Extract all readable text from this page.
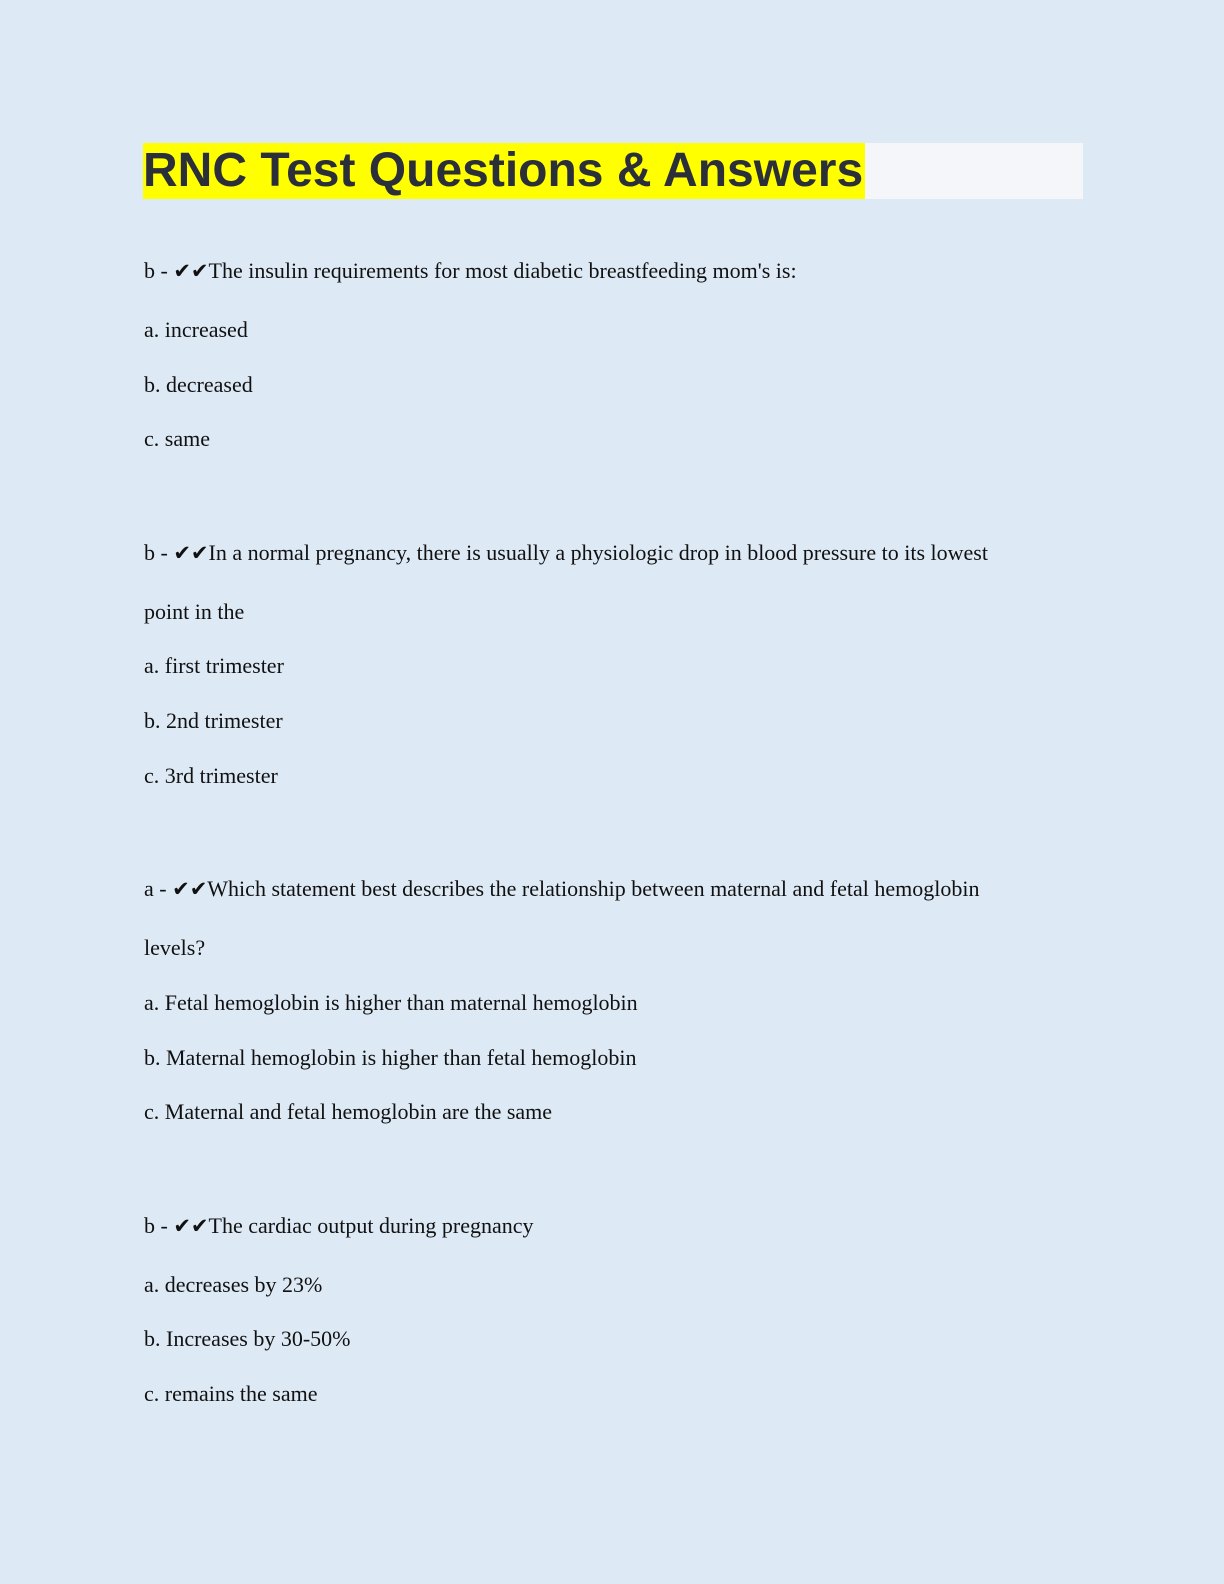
RNC Test Questions & Answers
b - ✔✔The insulin requirements for most diabetic breastfeeding mom's is:
a. increased
b. decreased
c. same
b - ✔✔In a normal pregnancy, there is usually a physiologic drop in blood pressure to its lowest
point in the
a. first trimester
b. 2nd trimester
c. 3rd trimester
a - ✔✔Which statement best describes the relationship between maternal and fetal hemoglobin
levels?
a. Fetal hemoglobin is higher than maternal hemoglobin
b. Maternal hemoglobin is higher than fetal hemoglobin
c. Maternal and fetal hemoglobin are the same
b - ✔✔The cardiac output during pregnancy
a. decreases by 23%
b. Increases by 30-50%
c. remains the same
